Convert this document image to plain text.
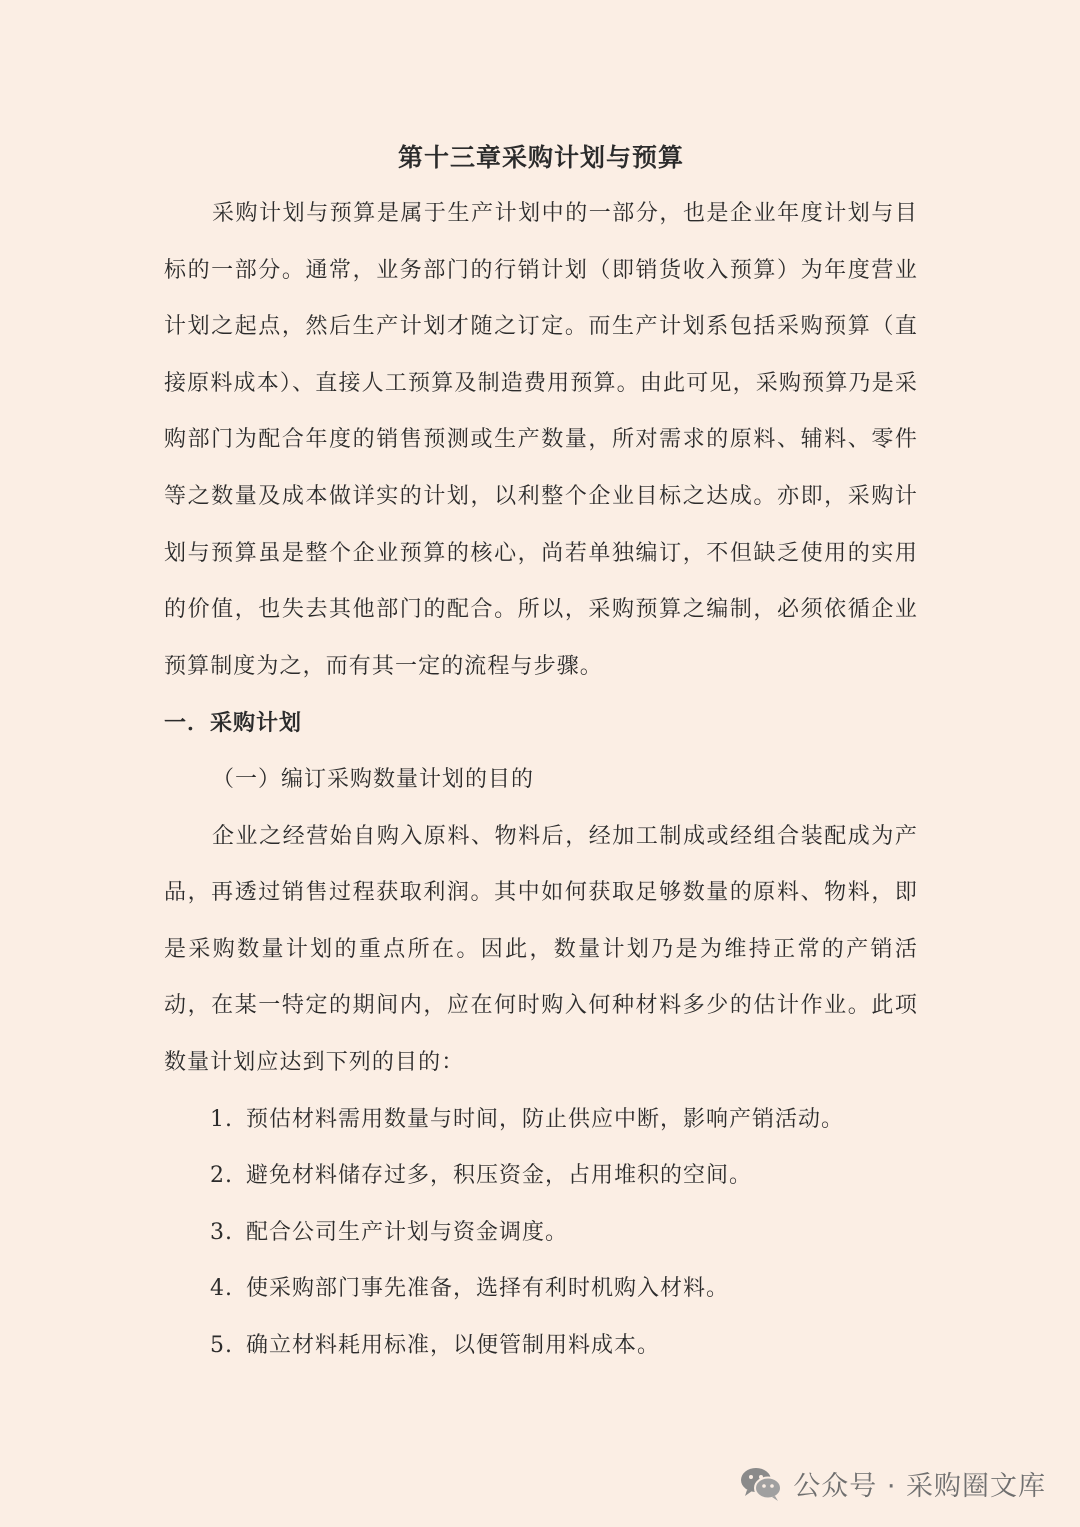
第十三章采购计划与预算

采购计划与预算是属于生产计划中的一部分，也是企业年度计划与目标的一部分。通常，业务部门的行销计划（即销货收入预算）为年度营业计划之起点，然后生产计划才随之订定。而生产计划系包括采购预算（直接原料成本）、直接人工预算及制造费用预算。由此可见，采购预算乃是采购部门为配合年度的销售预测或生产数量，所对需求的原料、辅料、零件等之数量及成本做详实的计划，以利整个企业目标之达成。亦即，采购计划与预算虽是整个企业预算的核心，尚若单独编订，不但缺乏使用的实用的价值，也失去其他部门的配合。所以，采购预算之编制，必须依循企业预算制度为之，而有其一定的流程与步骤。

一．采购计划

（一）编订采购数量计划的目的

企业之经营始自购入原料、物料后，经加工制成或经组合装配成为产品，再透过销售过程获取利润。其中如何获取足够数量的原料、物料，即是采购数量计划的重点所在。因此，数量计划乃是为维持正常的产销活动，在某一特定的期间内，应在何时购入何种材料多少的估计作业。此项数量计划应达到下列的目的：

1. 预估材料需用数量与时间，防止供应中断，影响产销活动。
2. 避免材料储存过多，积压资金，占用堆积的空间。
3. 配合公司生产计划与资金调度。
4. 使采购部门事先准备，选择有利时机购入材料。
5. 确立材料耗用标准，以便管制用料成本。
公众号 · 采购圈文库
